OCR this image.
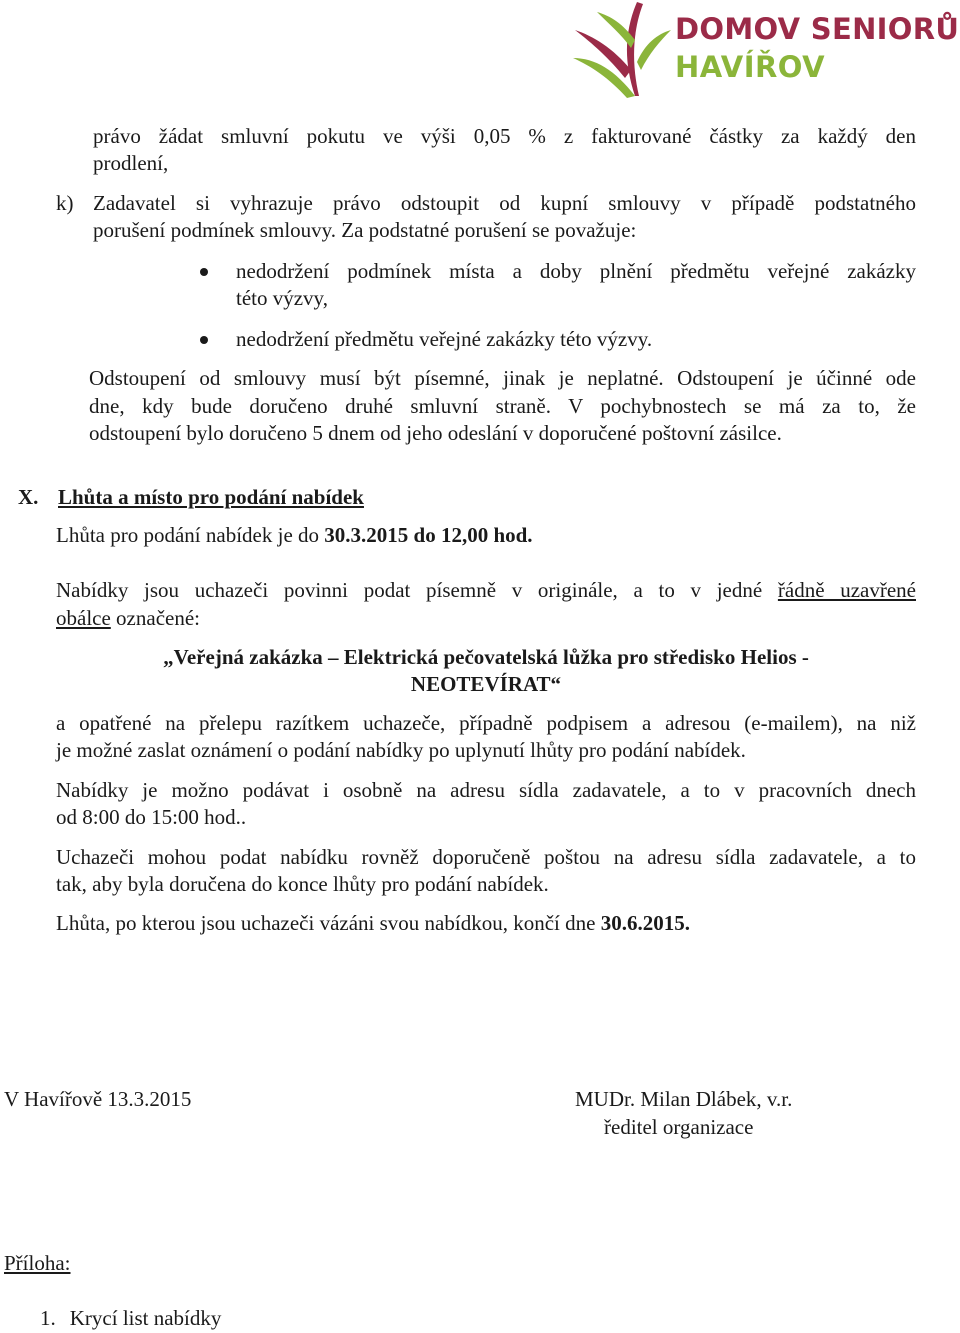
DOMOV SENIORŮ
HAVÍŘOV
právo žádat smluvní pokutu ve výši 0,05 % z fakturované částky za každý den
prodlení,
k) Zadavatel si vyhrazuje právo odstoupit od kupní smlouvy v případě podstatného
porušení podmínek smlouvy. Za podstatné porušení se považuje:
nedodržení podmínek místa a doby plnění předmětu veřejné zakázky
této výzvy,
nedodržení předmětu veřejné zakázky této výzvy.
Odstoupení od smlouvy musí být písemné, jinak je neplatné. Odstoupení je účinné ode
dne, kdy bude doručeno druhé smluvní straně. V pochybnostech se má za to, že
odstoupení bylo doručeno 5 dnem od jeho odeslání v doporučené poštovní zásilce.
X. Lhůta a místo pro podání nabídek
Lhůta pro podání nabídek je do 30.3.2015 do 12,00 hod.
Nabídky jsou uchazeči povinni podat písemně v originále, a to v jedné řádně uzavřené
obálce označené:
„Veřejná zakázka – Elektrická pečovatelská lůžka pro středisko Helios -
NEOTEVÍRAT“
a opatřené na přelepu razítkem uchazeče, případně podpisem a adresou (e-mailem), na niž
je možné zaslat oznámení o podání nabídky po uplynutí lhůty pro podání nabídek.
Nabídky je možno podávat i osobně na adresu sídla zadavatele, a to v pracovních dnech
od 8:00 do 15:00 hod..
Uchazeči mohou podat nabídku rovněž doporučeně poštou na adresu sídla zadavatele, a to
tak, aby byla doručena do konce lhůty pro podání nabídek.
Lhůta, po kterou jsou uchazeči vázáni svou nabídkou, končí dne 30.6.2015.
V Havířově 13.3.2015	MUDr. Milan Dlábek, v.r.
ředitel organizace
Příloha:
1. Krycí list nabídky
